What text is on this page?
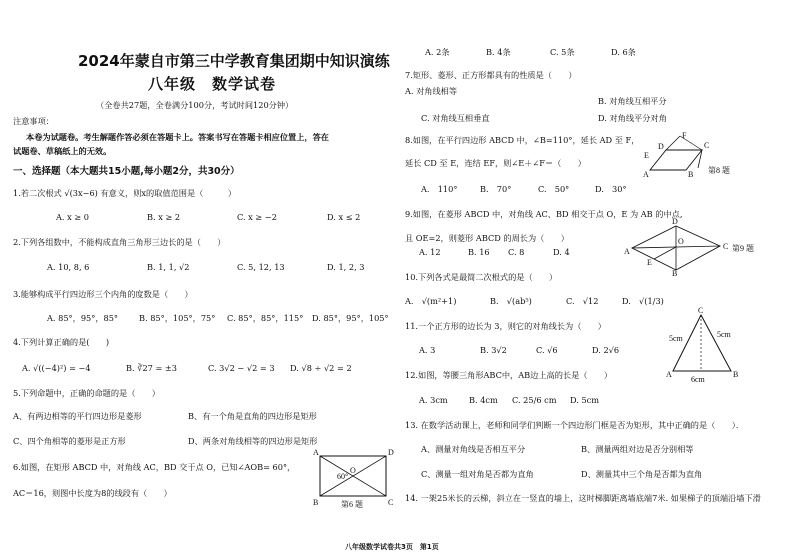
2024年蒙自市第三中学教育集团期中知识演练
八年级　数学试卷
（全卷共27题，全卷满分100分，考试时间120分钟）
注意事项：
本卷为试题卷。考生解题作答必须在答题卡上。答案书写在答题卡相应位置上，答在
试题卷、草稿纸上的无效。
一、选择题（本大题共15小题,每小题2分，共30分）
1.若二次根式 √(3x−6) 有意义，则x的取值范围是（　　　）
A. x ≥ 0	B. x ≥ 2	C. x ≥ −2	D. x ≤ 2
2.下列各组数中，不能构成直角三角形三边长的是（　　）
A. 10, 8, 6	B. 1, 1, √2	C. 5, 12, 13	D. 1, 2, 3
3.能够构成平行四边形三个内角的度数是（　　）
A. 85°，95°，85°	B. 85°，105°，75° C. 85°，85°，115° D. 85°，95°，105°
4.下列计算正确的是(　　)
A. √((−4)²) = −4	B. ∛27 = ±3	C. 3√2 − √2 = 3 D. √8 ÷ √2 = 2
5.下列命题中，正确的命题的是（　　）
A、有两边相等的平行四边形是菱形	B、有一个角是直角的四边形是矩形
C、四个角相等的菱形是正方形	D、两条对角线相等的四边形是矩形
6.如图，在矩形 ABCD 中，对角线 AC，BD 交于点 O，已知∠AOB= 60°，
AC＝16，则图中长度为8的线段有（　　）
A	D
B	C
O
60°
第6 题
A. 2条	B. 4条	C. 5条	D. 6条
7.矩形、菱形、正方形都具有的性质是（　　）
A. 对角线相等
B. 对角线互相平分
C. 对角线互相垂直	D. 对角线平分对角
8.如图，在平行四边形 ABCD 中，∠B=110°，延长 AD 至 F，
延长 CD 至 E，连结 EF，则∠E＋∠F＝（　　）
A.　110°	B.　70°	C.　50°	D.　30°
A	B
D	C
F
E
第8 题
9.如图，在菱形 ABCD 中，对角线 AC、BD 相交于点 O，E 为 AB 的中点,
且 OE=2，则菱形 ABCD 的周长为（　　）
A. 12	B. 16 C. 8	D. 4	A
D
C
B
O
E
第9 题
10.下列各式是最简二次根式的是（　　）
A.　√(m²+1)	B.　√(ab⁵)	C.　√12	D.　√(1/3)
11.一个正方形的边长为 3，则它的对角线长为（　　）
A. 3	B. 3√2	C. √6	D. 2√6
12.如图，等腰三角形ABC中，AB边上高的长是（　　）
A. 3cm	B. 4cm C. 25/6 cm D. 5cm
C
A	B
5cm	5cm
6cm
13. 在数学活动课上，老师和同学们判断一个四边形门框是否为矩形，其中正确的是（　　）．
A、测量对角线是否相互平分	B、测量两组对边是否分别相等
C、测量一组对角是否都为直角	D、测量其中三个角是否都为直角
14. 一架25米长的云梯，斜立在一竖直的墙上，这时梯脚距离墙底端7米. 如果梯子的顶端沿墙下滑
八年级数学试卷共3页　第1页
